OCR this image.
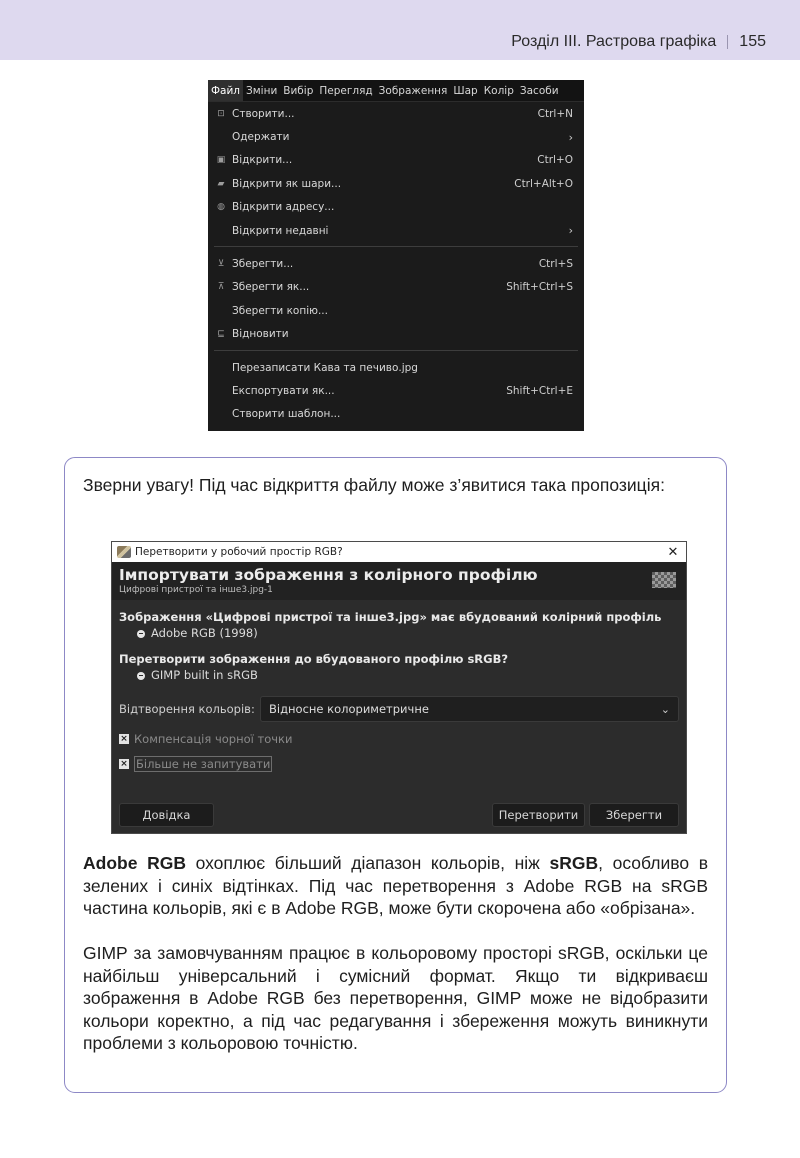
Розділ III. Растрова графіка 155
Файл Зміни Вибір Перегляд Зображення Шар Колір Засоби
⊡ Створити...	Ctrl+N
Одержати	›
▣ Відкрити...	Ctrl+O
▰ Відкрити як шари...	Ctrl+Alt+O
◍ Відкрити адресу...
Відкрити недавні	›
⊻ Зберегти...	Ctrl+S
⊼ Зберегти як...	Shift+Ctrl+S
Зберегти копію...
⊑ Відновити
Перезаписати Кава та печиво.jpg
Експортувати як...	Shift+Ctrl+E
Створити шаблон...

Зверни увагу! Під час відкриття файлу може з’явитися така пропозиція:

Перетворити у робочий простір RGB?	✕
Імпортувати зображення з колірного профілю
Цифрові пристрої та інше3.jpg-1
Зображення «Цифрові пристрої та інше3.jpg» має вбудований колірний профіль
Adobe RGB (1998)
Перетворити зображення до вбудованого профілю sRGB?
GIMP built in sRGB
Відтворення кольорів:	Відносне колориметричне	⌄
× Компенсація чорної точки
× Більше не запитувати
Довідка	Перетворити	Зберегти

Adobe RGB охоплює більший діапазон кольорів, ніж sRGB, особливо в зелених і синіх відтінках. Під час перетворення з Adobe RGB на sRGB частина кольорів, які є в Adobe RGB, може бути скорочена або «обрізана».

GIMP за замовчуванням працює в кольоровому просторі sRGB, оскільки це найбільш універсальний і сумісний формат. Якщо ти відкриваєш зображення в Adobe RGB без перетворення, GIMP може не відобразити кольори коректно, а під час редагування і збереження можуть виникнути проблеми з кольоровою точністю.
